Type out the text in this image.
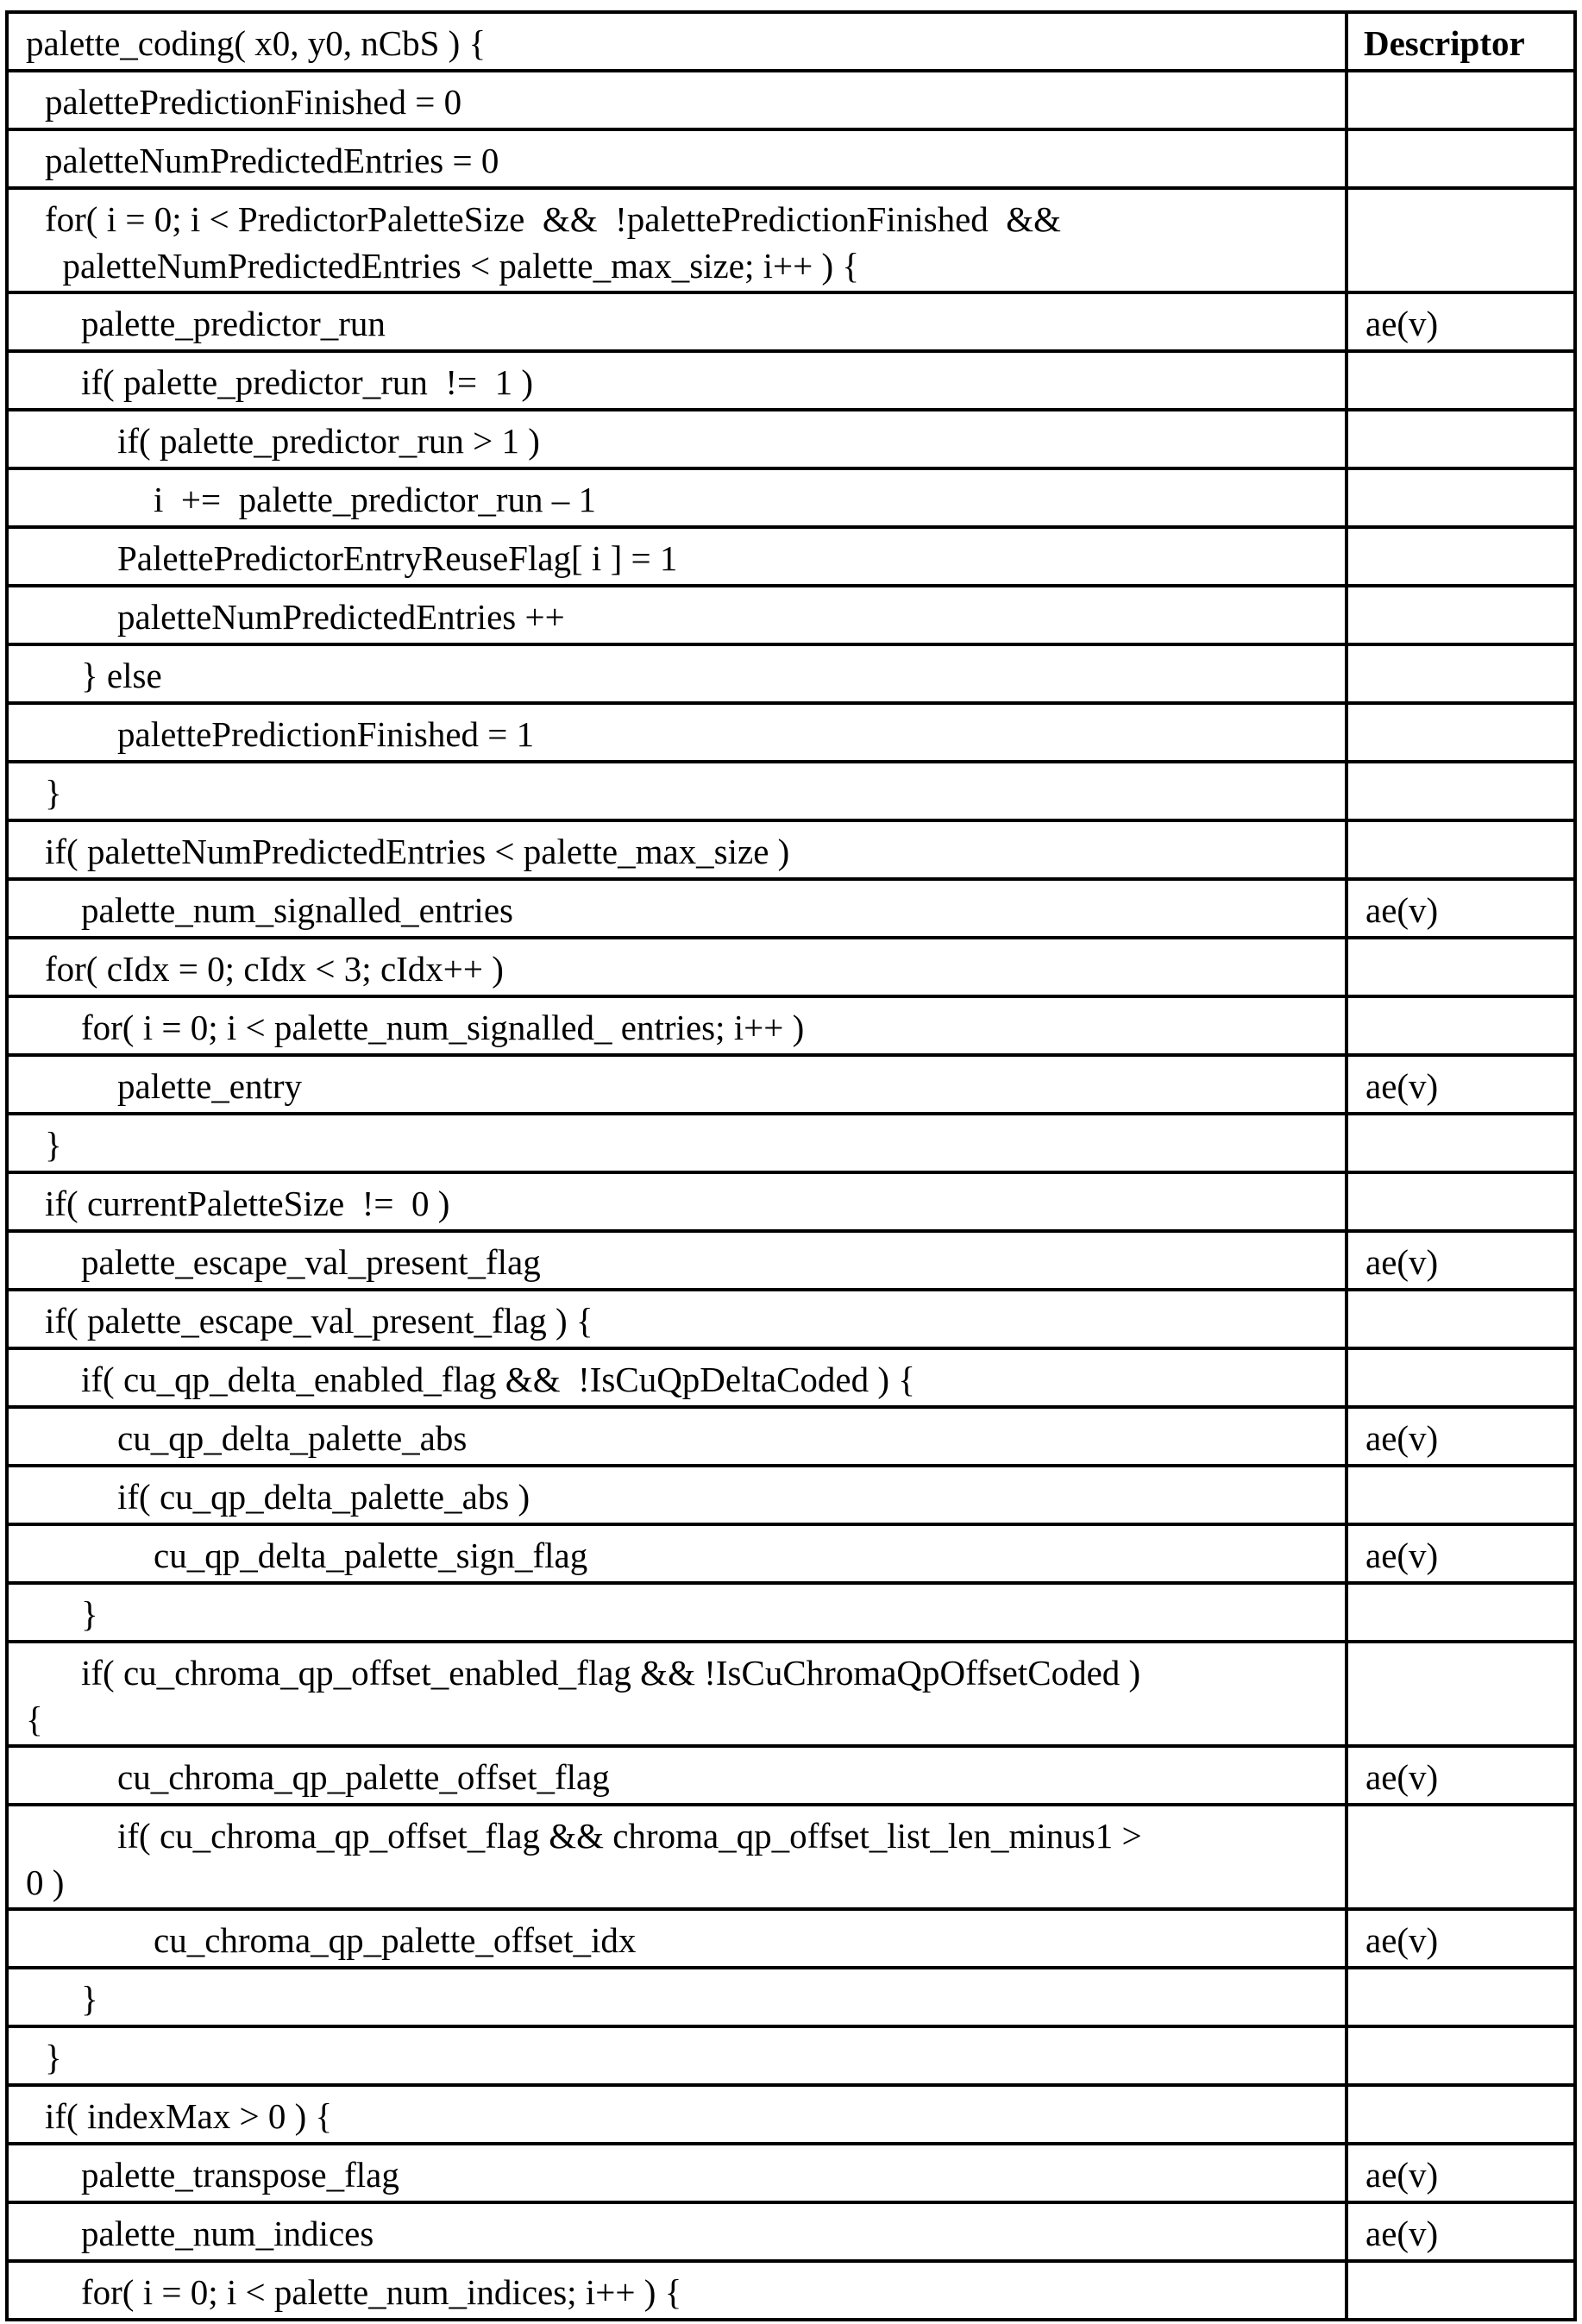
palette_coding( x0, y0, nCbS ) {	Descriptor

palettePredictionFinished = 0	

paletteNumPredictedEntries = 0	

for( i = 0; i < PredictorPaletteSize  &&  !palettePredictionFinished  &&
paletteNumPredictedEntries < palette_max_size; i++ ) {	

palette_predictor_run	ae(v)

if( palette_predictor_run  !=  1 )	

if( palette_predictor_run > 1 )	

i  +=  palette_predictor_run – 1	

PalettePredictorEntryReuseFlag[ i ] = 1	

paletteNumPredictedEntries ++	

} else	

palettePredictionFinished = 1	

}	

if( paletteNumPredictedEntries < palette_max_size )	

palette_num_signalled_entries	ae(v)

for( cIdx = 0; cIdx < 3; cIdx++ )	

for( i = 0; i < palette_num_signalled_ entries; i++ )	

palette_entry	ae(v)

}	

if( currentPaletteSize  !=  0 )	

palette_escape_val_present_flag	ae(v)

if( palette_escape_val_present_flag ) {	

if( cu_qp_delta_enabled_flag &&  !IsCuQpDeltaCoded ) {	

cu_qp_delta_palette_abs	ae(v)

if( cu_qp_delta_palette_abs )	

cu_qp_delta_palette_sign_flag	ae(v)

}	

if( cu_chroma_qp_offset_enabled_flag && !IsCuChromaQpOffsetCoded )
{	

cu_chroma_qp_palette_offset_flag	ae(v)

if( cu_chroma_qp_offset_flag && chroma_qp_offset_list_len_minus1 >
0 )	

cu_chroma_qp_palette_offset_idx	ae(v)

}	

}	

if( indexMax > 0 ) {	

palette_transpose_flag	ae(v)

palette_num_indices	ae(v)

for( i = 0; i < palette_num_indices; i++ ) {	
